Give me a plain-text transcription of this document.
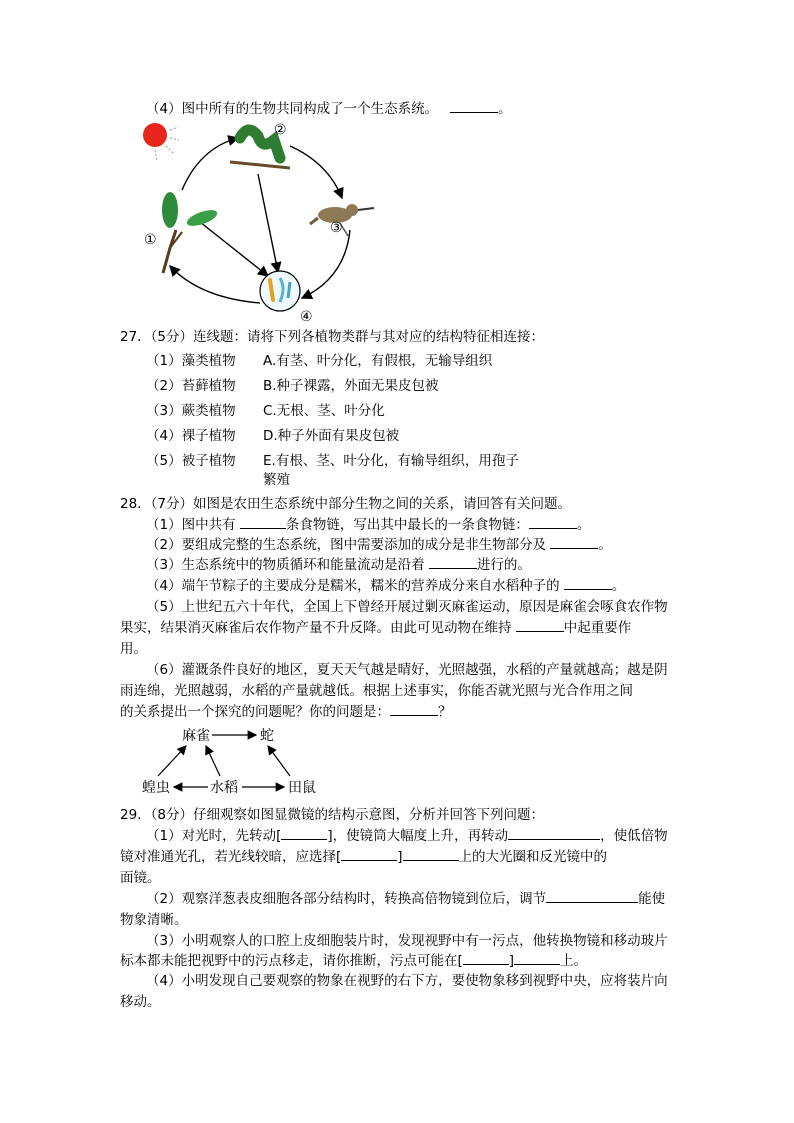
（4）图中所有的生物共同构成了一个生态系统。	。
①
②
③
④
27．（5分）连线题：请将下列各植物类群与其对应的结构特征相连接：
（1）藻类植物 A.有茎、叶分化，有假根，无输导组织
（2）苔藓植物 B.种子裸露，外面无果皮包被
（3）蕨类植物 C.无根、茎、叶分化
（4）裸子植物 D.种子外面有果皮包被
（5）被子植物 E.有根、茎、叶分化，有输导组织，用孢子
繁殖
28．（7分）如图是农田生态系统中部分生物之间的关系，请回答有关问题。
（1）图中共有	条食物链，写出其中最长的一条食物链：	。
（2）要组成完整的生态系统，图中需要添加的成分是非生物部分及	。
（3）生态系统中的物质循环和能量流动是沿着	进行的。
（4）端午节粽子的主要成分是糯米，糯米的营养成分来自水稻种子的	。
（5）上世纪五六十年代，全国上下曾经开展过剿灭麻雀运动，原因是麻雀会啄食农作物
果实，结果消灭麻雀后农作物产量不升反降。由此可见动物在维持	中起重要作
用。
（6）灌溉条件良好的地区，夏天天气越是晴好，光照越强，水稻的产量就越高；越是阴
雨连绵，光照越弱，水稻的产量就越低。根据上述事实，你能否就光照与光合作用之间
的关系提出一个探究的问题呢？你的问题是：	？
麻雀	蛇
蝗虫	水稻	田鼠
29．（8分）仔细观察如图显微镜的结构示意图，分析并回答下列问题：
（1）对光时，先转动[	]，使镜筒大幅度上升，再转动	，使低倍物
镜对准通光孔，若光线较暗，应选择[	]	上的大光圈和反光镜中的
面镜。
（2）观察洋葱表皮细胞各部分结构时，转换高倍物镜到位后，调节	能使
物象清晰。
（3）小明观察人的口腔上皮细胞装片时，发现视野中有一污点，他转换物镜和移动玻片
标本都未能把视野中的污点移走，请你推断，污点可能在[	]	上。
（4）小明发现自己要观察的物象在视野的右下方，要使物象移到视野中央，应将装片向
移动。
